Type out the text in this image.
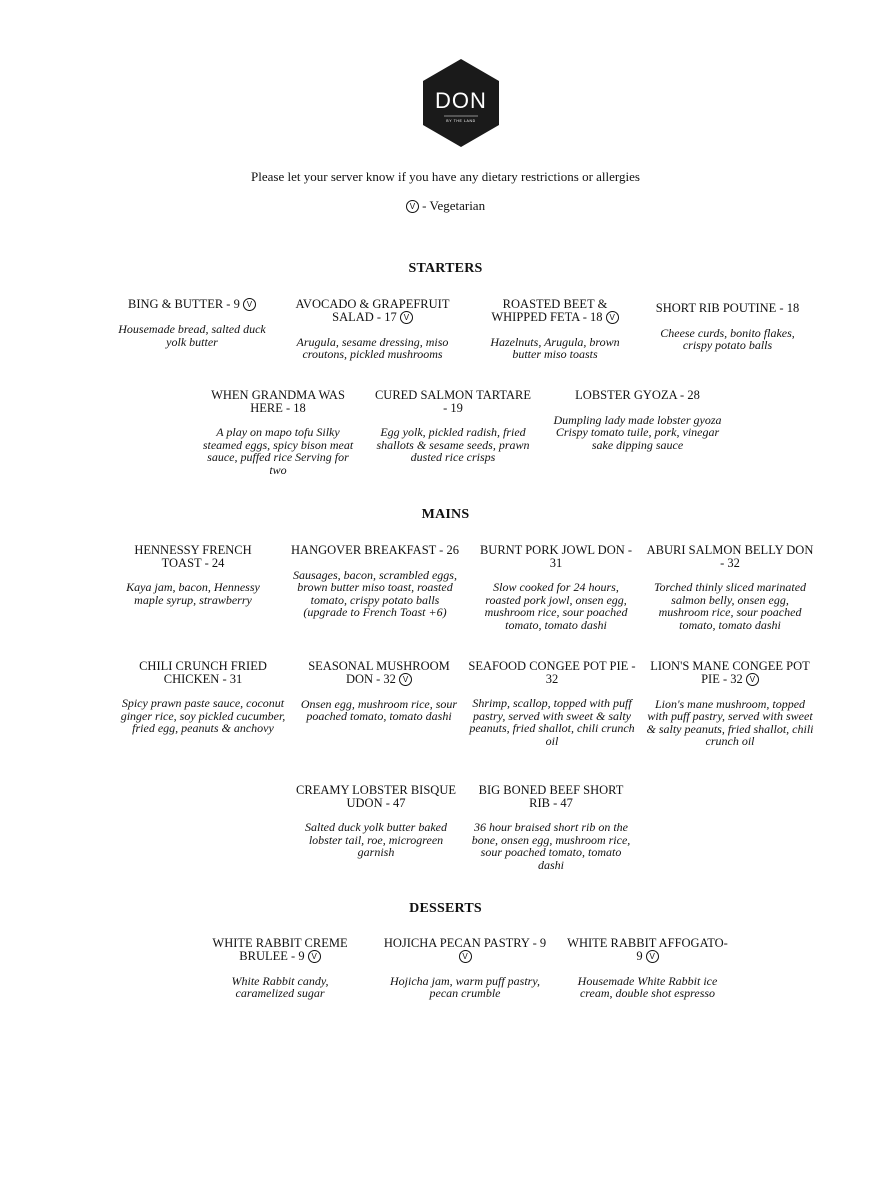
DON
BY THE LAND
Please let your server know if you have any dietary restrictions or allergies
V - Vegetarian
STARTERS
BING & BUTTER - 9 V
Housemade bread, salted duck yolk butter
AVOCADO & GRAPEFRUIT SALAD - 17 V
Arugula, sesame dressing, miso croutons, pickled mushrooms
ROASTED BEET & WHIPPED FETA - 18 V
Hazelnuts, Arugula, brown butter miso toasts
SHORT RIB POUTINE - 18
Cheese curds, bonito flakes, crispy potato balls
WHEN GRANDMA WAS HERE - 18
A play on mapo tofu Silky steamed eggs, spicy bison meat sauce, puffed rice Serving for two
CURED SALMON TARTARE - 19
Egg yolk, pickled radish, fried shallots & sesame seeds, prawn dusted rice crisps
LOBSTER GYOZA - 28
Dumpling lady made lobster gyoza Crispy tomato tuile, pork, vinegar sake dipping sauce
MAINS
HENNESSY FRENCH TOAST - 24
Kaya jam, bacon, Hennessy maple syrup, strawberry
HANGOVER BREAKFAST - 26
Sausages, bacon, scrambled eggs, brown butter miso toast, roasted tomato, crispy potato balls (upgrade to French Toast +6)
BURNT PORK JOWL DON - 31
Slow cooked for 24 hours, roasted pork jowl, onsen egg, mushroom rice, sour poached tomato, tomato dashi
ABURI SALMON BELLY DON - 32
Torched thinly sliced marinated salmon belly, onsen egg, mushroom rice, sour poached tomato, tomato dashi
CHILI CRUNCH FRIED CHICKEN - 31
Spicy prawn paste sauce, coconut ginger rice, soy pickled cucumber, fried egg, peanuts & anchovy
SEASONAL MUSHROOM DON - 32 V
Onsen egg, mushroom rice, sour poached tomato, tomato dashi
SEAFOOD CONGEE POT PIE - 32
Shrimp, scallop, topped with puff pastry, served with sweet & salty peanuts, fried shallot, chili crunch oil
LION'S MANE CONGEE POT PIE - 32 V
Lion's mane mushroom, topped with puff pastry, served with sweet & salty peanuts, fried shallot, chili crunch oil
CREAMY LOBSTER BISQUE UDON - 47
Salted duck yolk butter baked lobster tail, roe, microgreen garnish
BIG BONED BEEF SHORT RIB - 47
36 hour braised short rib on the bone, onsen egg, mushroom rice, sour poached tomato, tomato dashi
DESSERTS
WHITE RABBIT CREME BRULEE - 9 V
White Rabbit candy, caramelized sugar
HOJICHA PECAN PASTRY - 9 V
Hojicha jam, warm puff pastry, pecan crumble
WHITE RABBIT AFFOGATO- 9 V
Housemade White Rabbit ice cream, double shot espresso
